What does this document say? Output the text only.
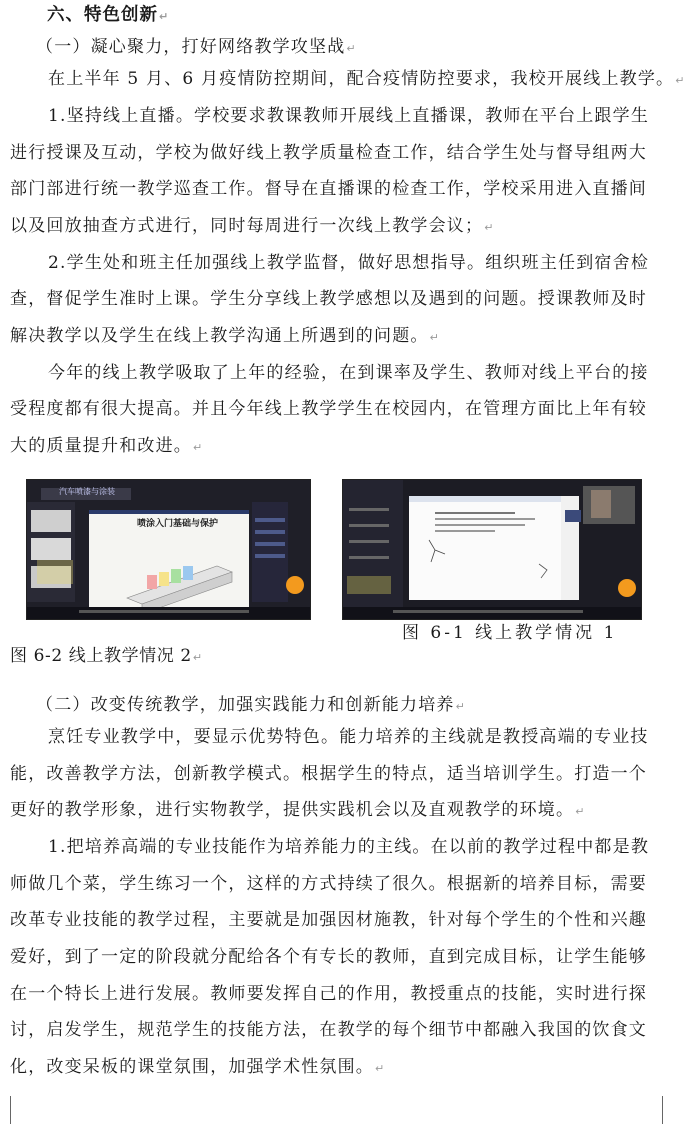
六、特色创新↵
（一）凝心聚力，打好网络教学攻坚战↵
在上半年 5 月、6 月疫情防控期间，配合疫情防控要求，我校开展线上教学。↵
1.坚持线上直播。学校要求教课教师开展线上直播课，教师在平台上跟学生
进行授课及互动，学校为做好线上教学质量检查工作，结合学生处与督导组两大
部门部进行统一教学巡查工作。督导在直播课的检查工作，学校采用进入直播间
以及回放抽查方式进行，同时每周进行一次线上教学会议；↵
2.学生处和班主任加强线上教学监督，做好思想指导。组织班主任到宿舍检
查，督促学生准时上课。学生分享线上教学感想以及遇到的问题。授课教师及时
解决教学以及学生在线上教学沟通上所遇到的问题。↵
今年的线上教学吸取了上年的经验，在到课率及学生、教师对线上平台的接
受程度都有很大提高。并且今年线上教学学生在校园内，在管理方面比上年有较
大的质量提升和改进。↵
喷涂入门基础与保护
汽车喷漆与涂装
图 6-1 线上教学情况 1
图 6-2 线上教学情况 2↵
（二）改变传统教学，加强实践能力和创新能力培养↵
烹饪专业教学中，要显示优势特色。能力培养的主线就是教授高端的专业技
能，改善教学方法，创新教学模式。根据学生的特点，适当培训学生。打造一个
更好的教学形象，进行实物教学，提供实践机会以及直观教学的环境。↵
1.把培养高端的专业技能作为培养能力的主线。在以前的教学过程中都是教
师做几个菜，学生练习一个，这样的方式持续了很久。根据新的培养目标，需要
改革专业技能的教学过程，主要就是加强因材施教，针对每个学生的个性和兴趣
爱好，到了一定的阶段就分配给各个有专长的教师，直到完成目标，让学生能够
在一个特长上进行发展。教师要发挥自己的作用，教授重点的技能，实时进行探
讨，启发学生，规范学生的技能方法，在教学的每个细节中都融入我国的饮食文
化，改变呆板的课堂氛围，加强学术性氛围。↵
